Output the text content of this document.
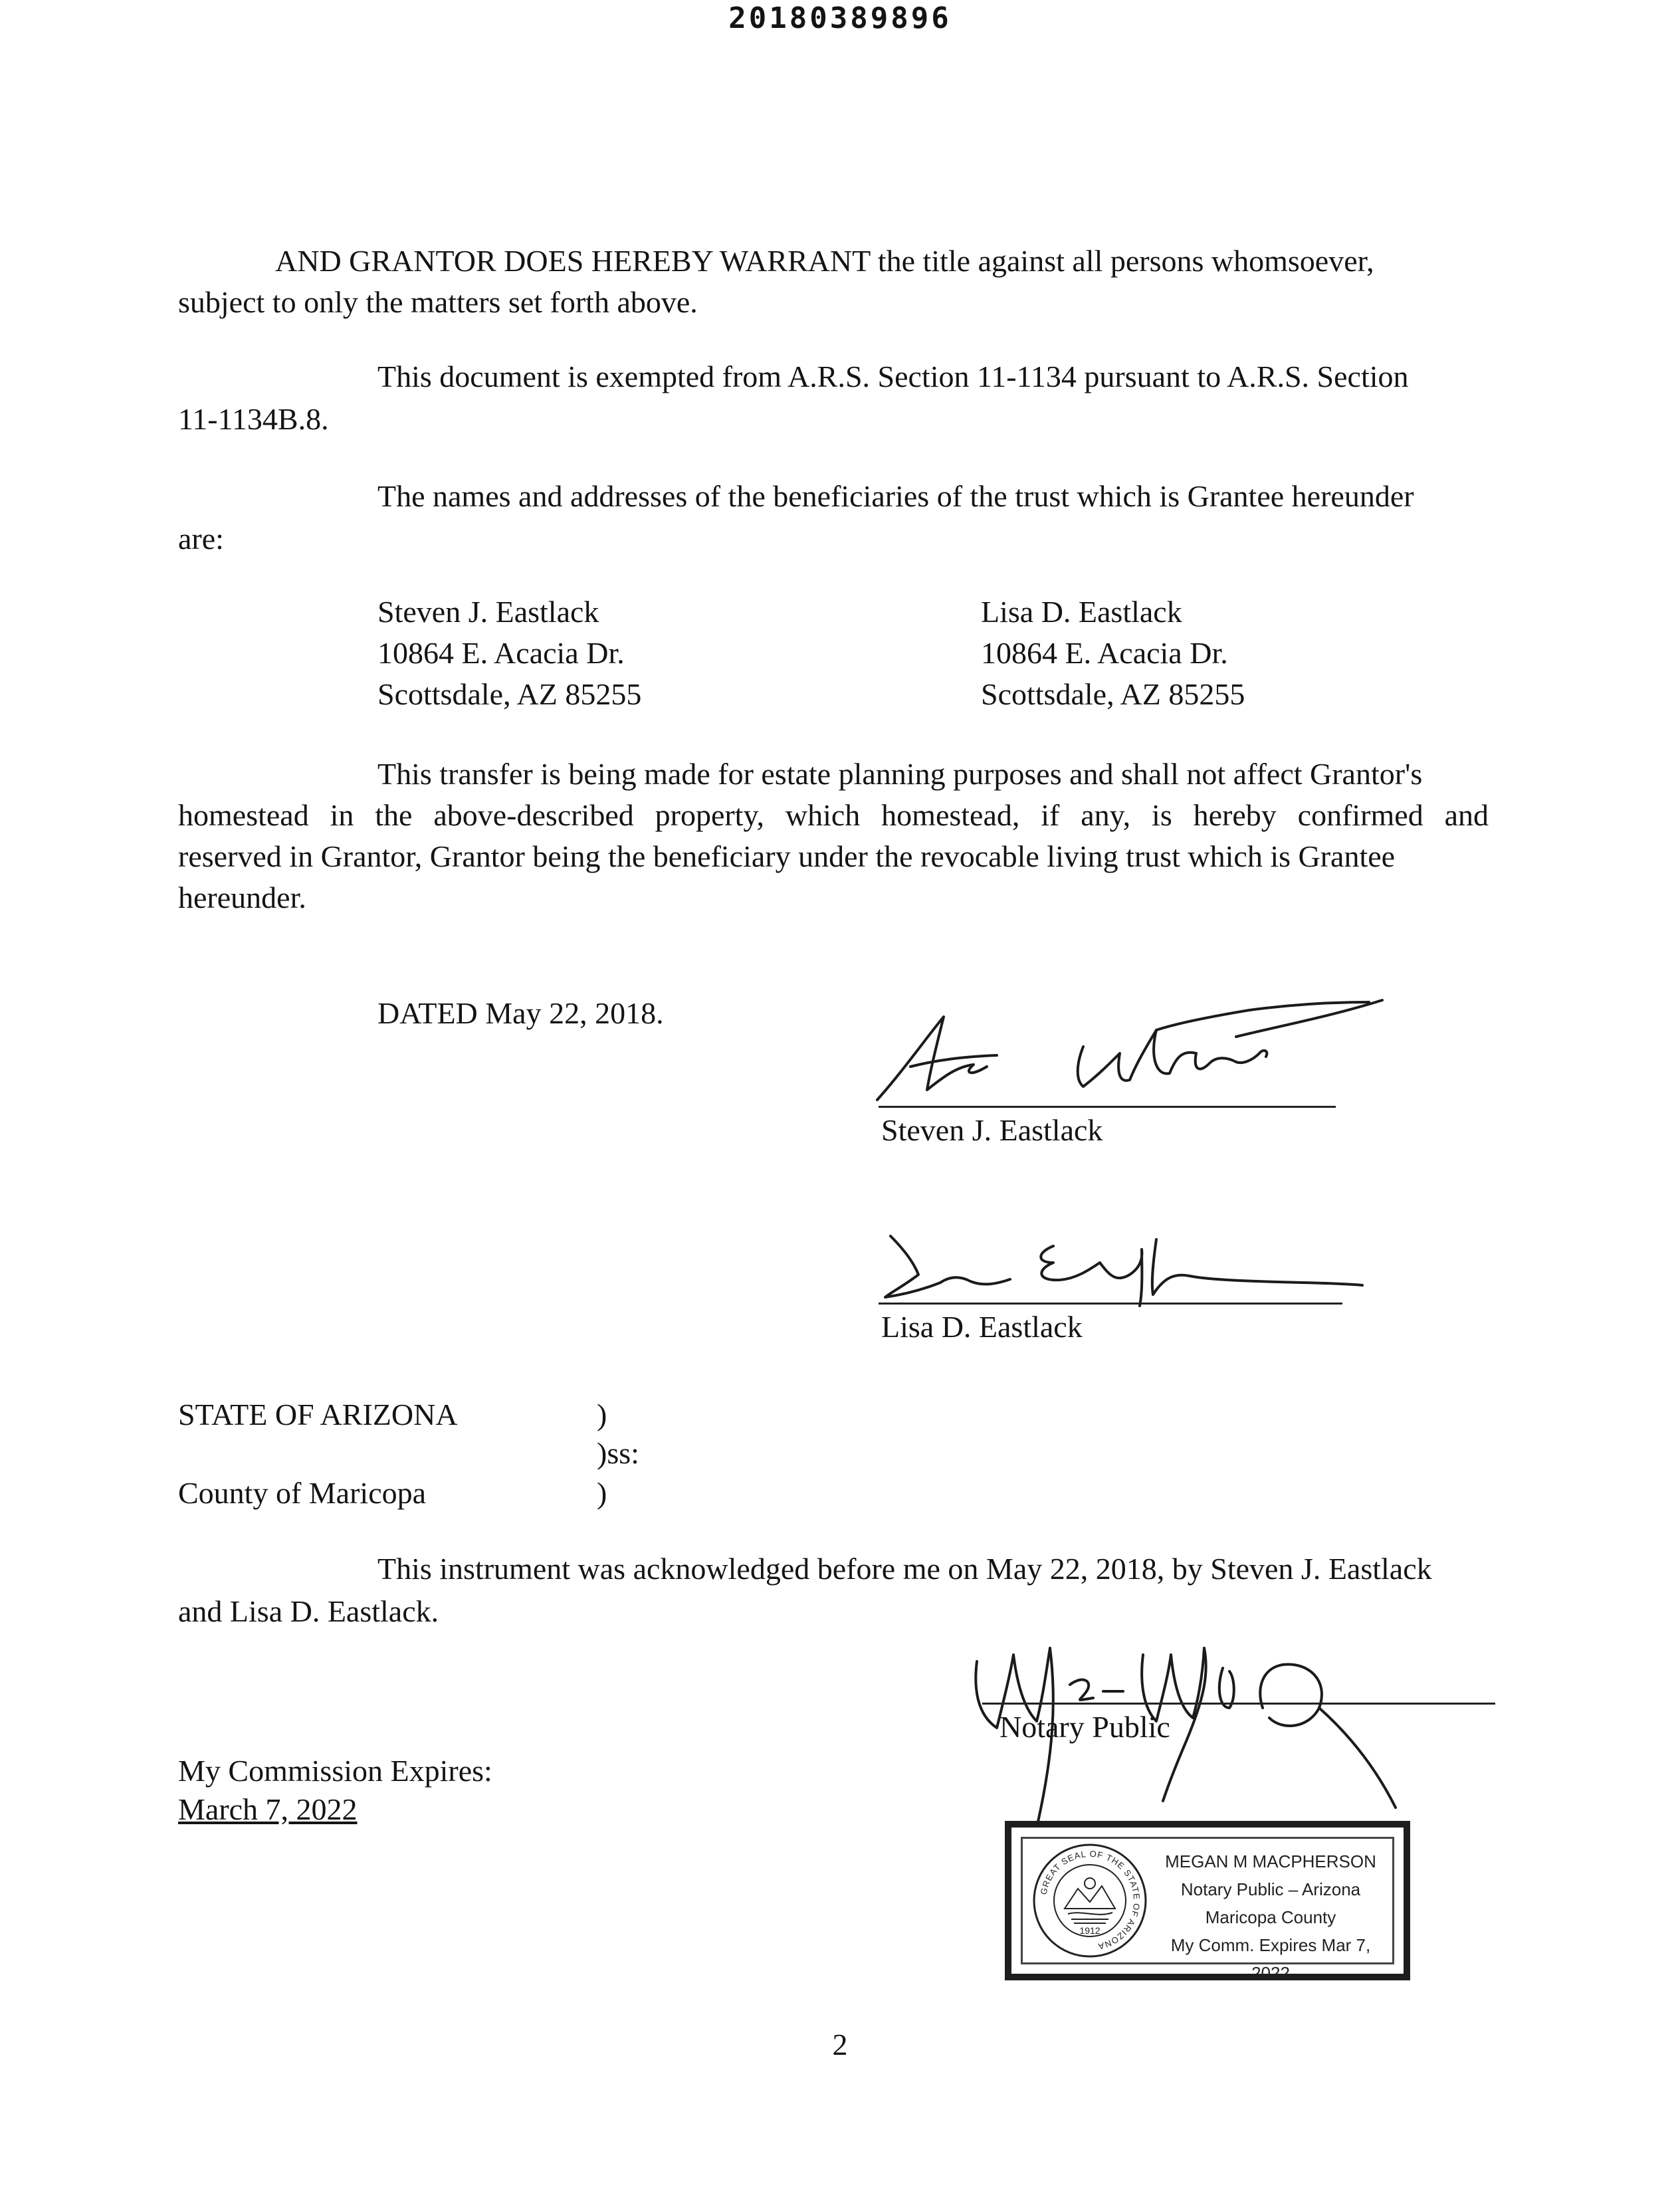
20180389896
AND GRANTOR DOES HEREBY WARRANT the title against all persons whomsoever,
subject to only the matters set forth above.
This document is exempted from A.R.S. Section 11-1134 pursuant to A.R.S. Section
11-1134B.8.
The names and addresses of the beneficiaries of the trust which is Grantee hereunder
are:
Steven J. Eastlack
10864 E. Acacia Dr.
Scottsdale, AZ 85255
Lisa D. Eastlack
10864 E. Acacia Dr.
Scottsdale, AZ 85255
This transfer is being made for estate planning purposes and shall not affect Grantor's
homestead in the above-described property, which homestead, if any, is hereby confirmed and
reserved in Grantor, Grantor being the beneficiary under the revocable living trust which is Grantee
hereunder.
DATED May 22, 2018.
Steven J. Eastlack
Lisa D. Eastlack
STATE OF ARIZONA	)
)ss:
County of Maricopa	)
This instrument was acknowledged before me on May 22, 2018, by Steven J. Eastlack
and Lisa D. Eastlack.
Notary Public
My Commission Expires:
March 7, 2022
GREAT SEAL OF THE STATE OF ARIZONA
1912
MEGAN M MACPHERSON
Notary Public – Arizona
Maricopa County
My Comm. Expires Mar 7, 2022
2
